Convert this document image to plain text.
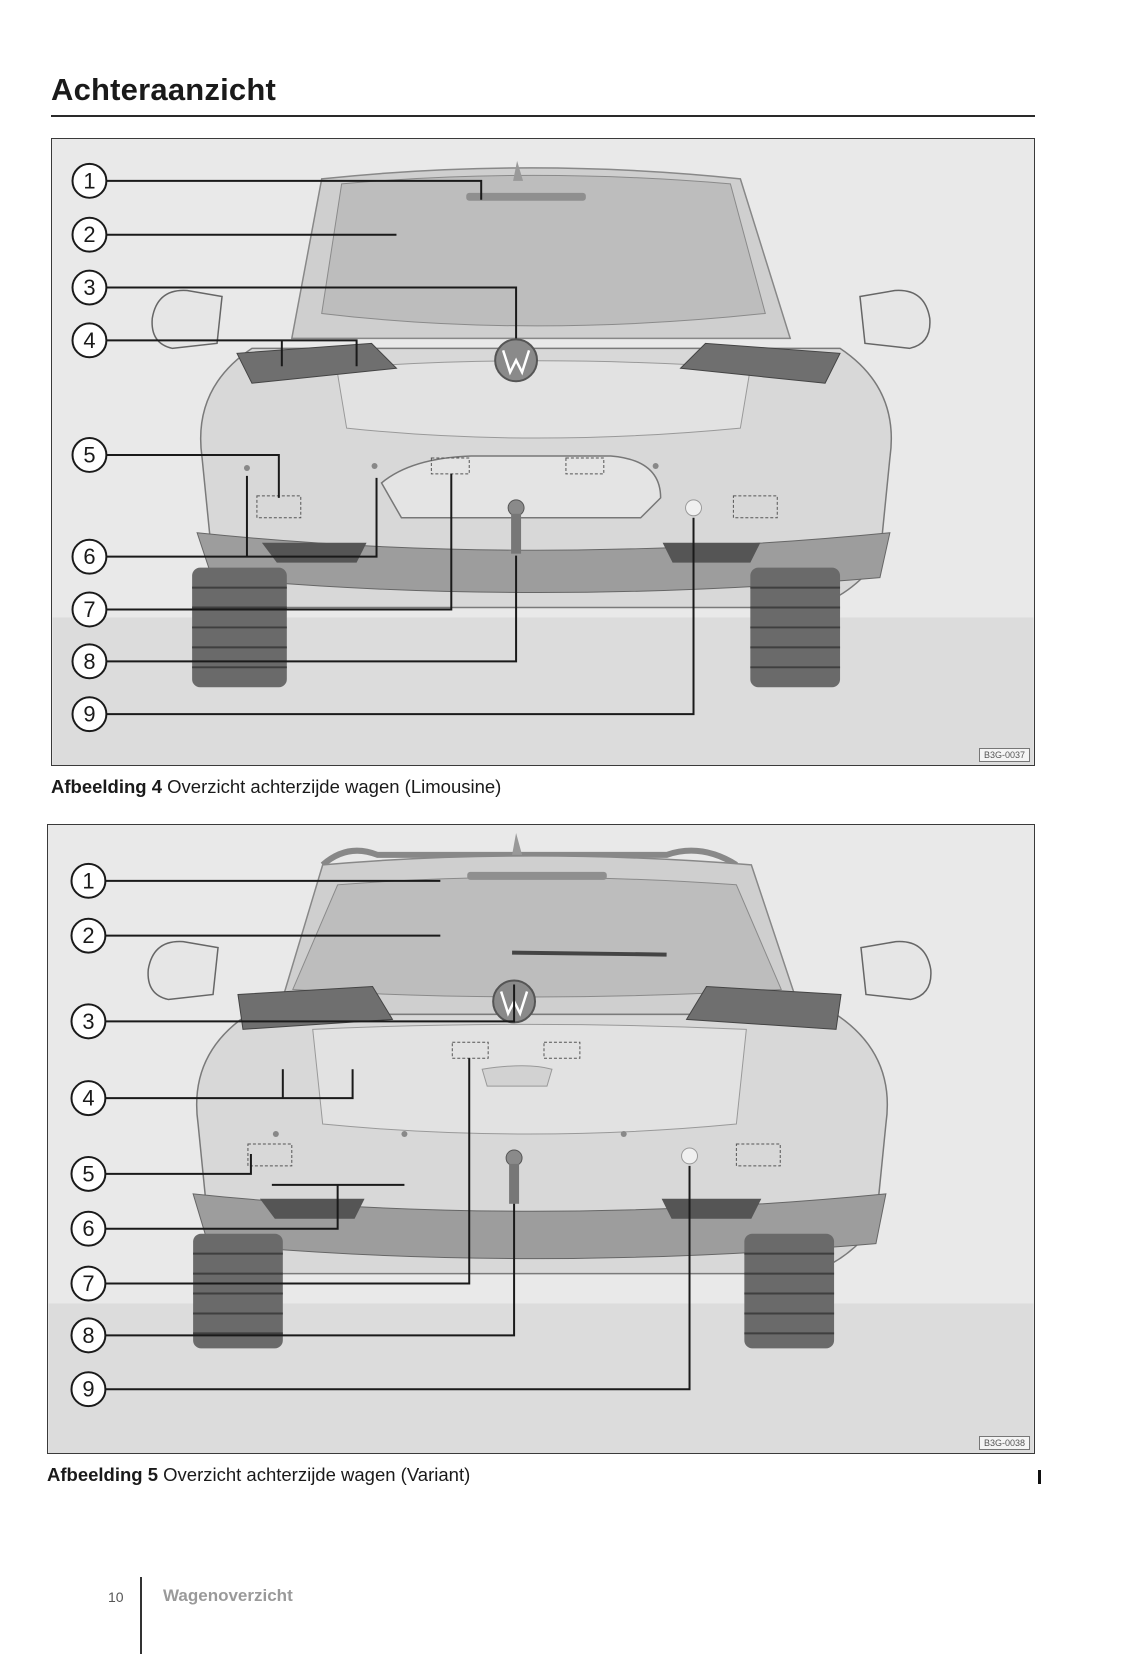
Achteraanzicht
1
2
3
4
5
6
7
8
9
B3G-0037

Afbeelding 4 Overzicht achterzijde wagen (Limousine)

1
2
3
4
5
6
7
8
9
B3G-0038

Afbeelding 5 Overzicht achterzijde wagen (Variant)

10 Wagenoverzicht
